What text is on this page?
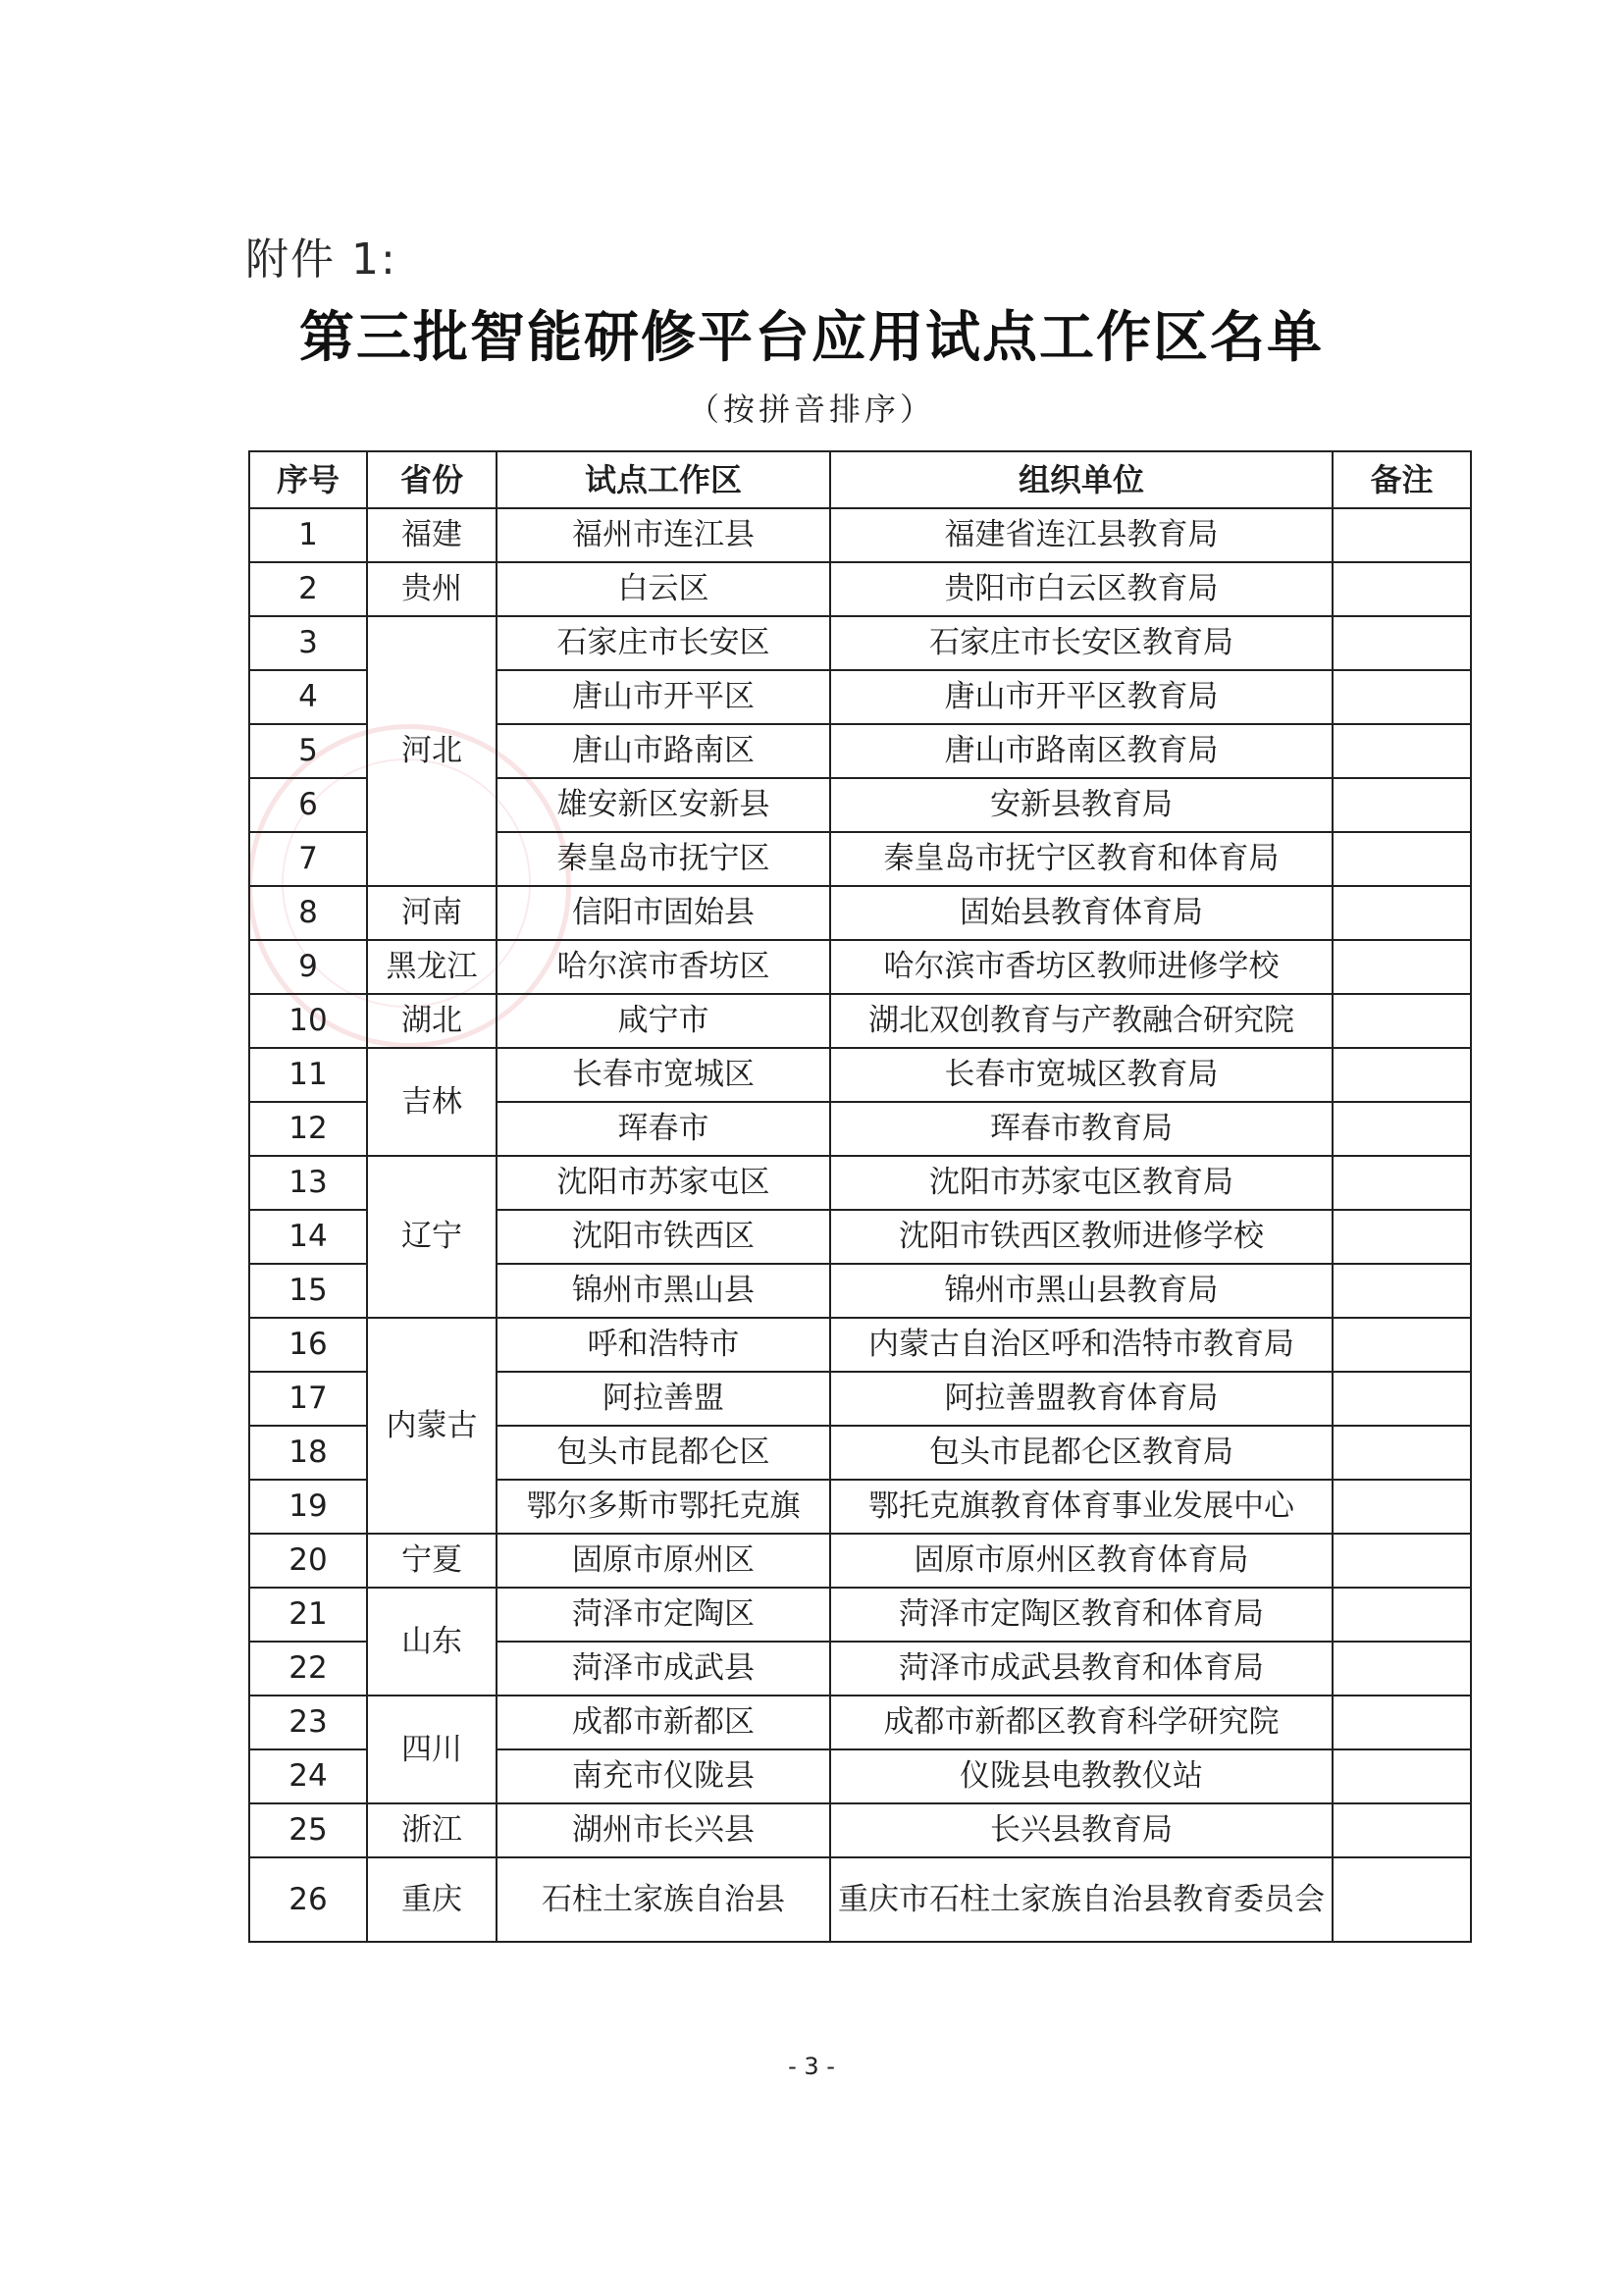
附件 1:
第三批智能研修平台应用试点工作区名单
（按拼音排序）
序号	省份	试点工作区	组织单位	备注
1	福建	福州市连江县	福建省连江县教育局	
2	贵州	白云区	贵阳市白云区教育局	
3	河北	石家庄市长安区	石家庄市长安区教育局	
4		唐山市开平区	唐山市开平区教育局	
5		唐山市路南区	唐山市路南区教育局	
6		雄安新区安新县	安新县教育局	
7		秦皇岛市抚宁区	秦皇岛市抚宁区教育和体育局	
8	河南	信阳市固始县	固始县教育体育局	
9	黑龙江	哈尔滨市香坊区	哈尔滨市香坊区教师进修学校	
10	湖北	咸宁市	湖北双创教育与产教融合研究院	
11	吉林	长春市宽城区	长春市宽城区教育局	
12		珲春市	珲春市教育局	
13	辽宁	沈阳市苏家屯区	沈阳市苏家屯区教育局	
14		沈阳市铁西区	沈阳市铁西区教师进修学校	
15		锦州市黑山县	锦州市黑山县教育局	
16	内蒙古	呼和浩特市	内蒙古自治区呼和浩特市教育局	
17		阿拉善盟	阿拉善盟教育体育局	
18		包头市昆都仑区	包头市昆都仑区教育局	
19		鄂尔多斯市鄂托克旗	鄂托克旗教育体育事业发展中心	
20	宁夏	固原市原州区	固原市原州区教育体育局	
21	山东	菏泽市定陶区	菏泽市定陶区教育和体育局	
22		菏泽市成武县	菏泽市成武县教育和体育局	
23	四川	成都市新都区	成都市新都区教育科学研究院	
24		南充市仪陇县	仪陇县电教教仪站	
25	浙江	湖州市长兴县	长兴县教育局	
26	重庆	石柱土家族自治县	重庆市石柱土家族自治县教育委员会	
- 3 -
